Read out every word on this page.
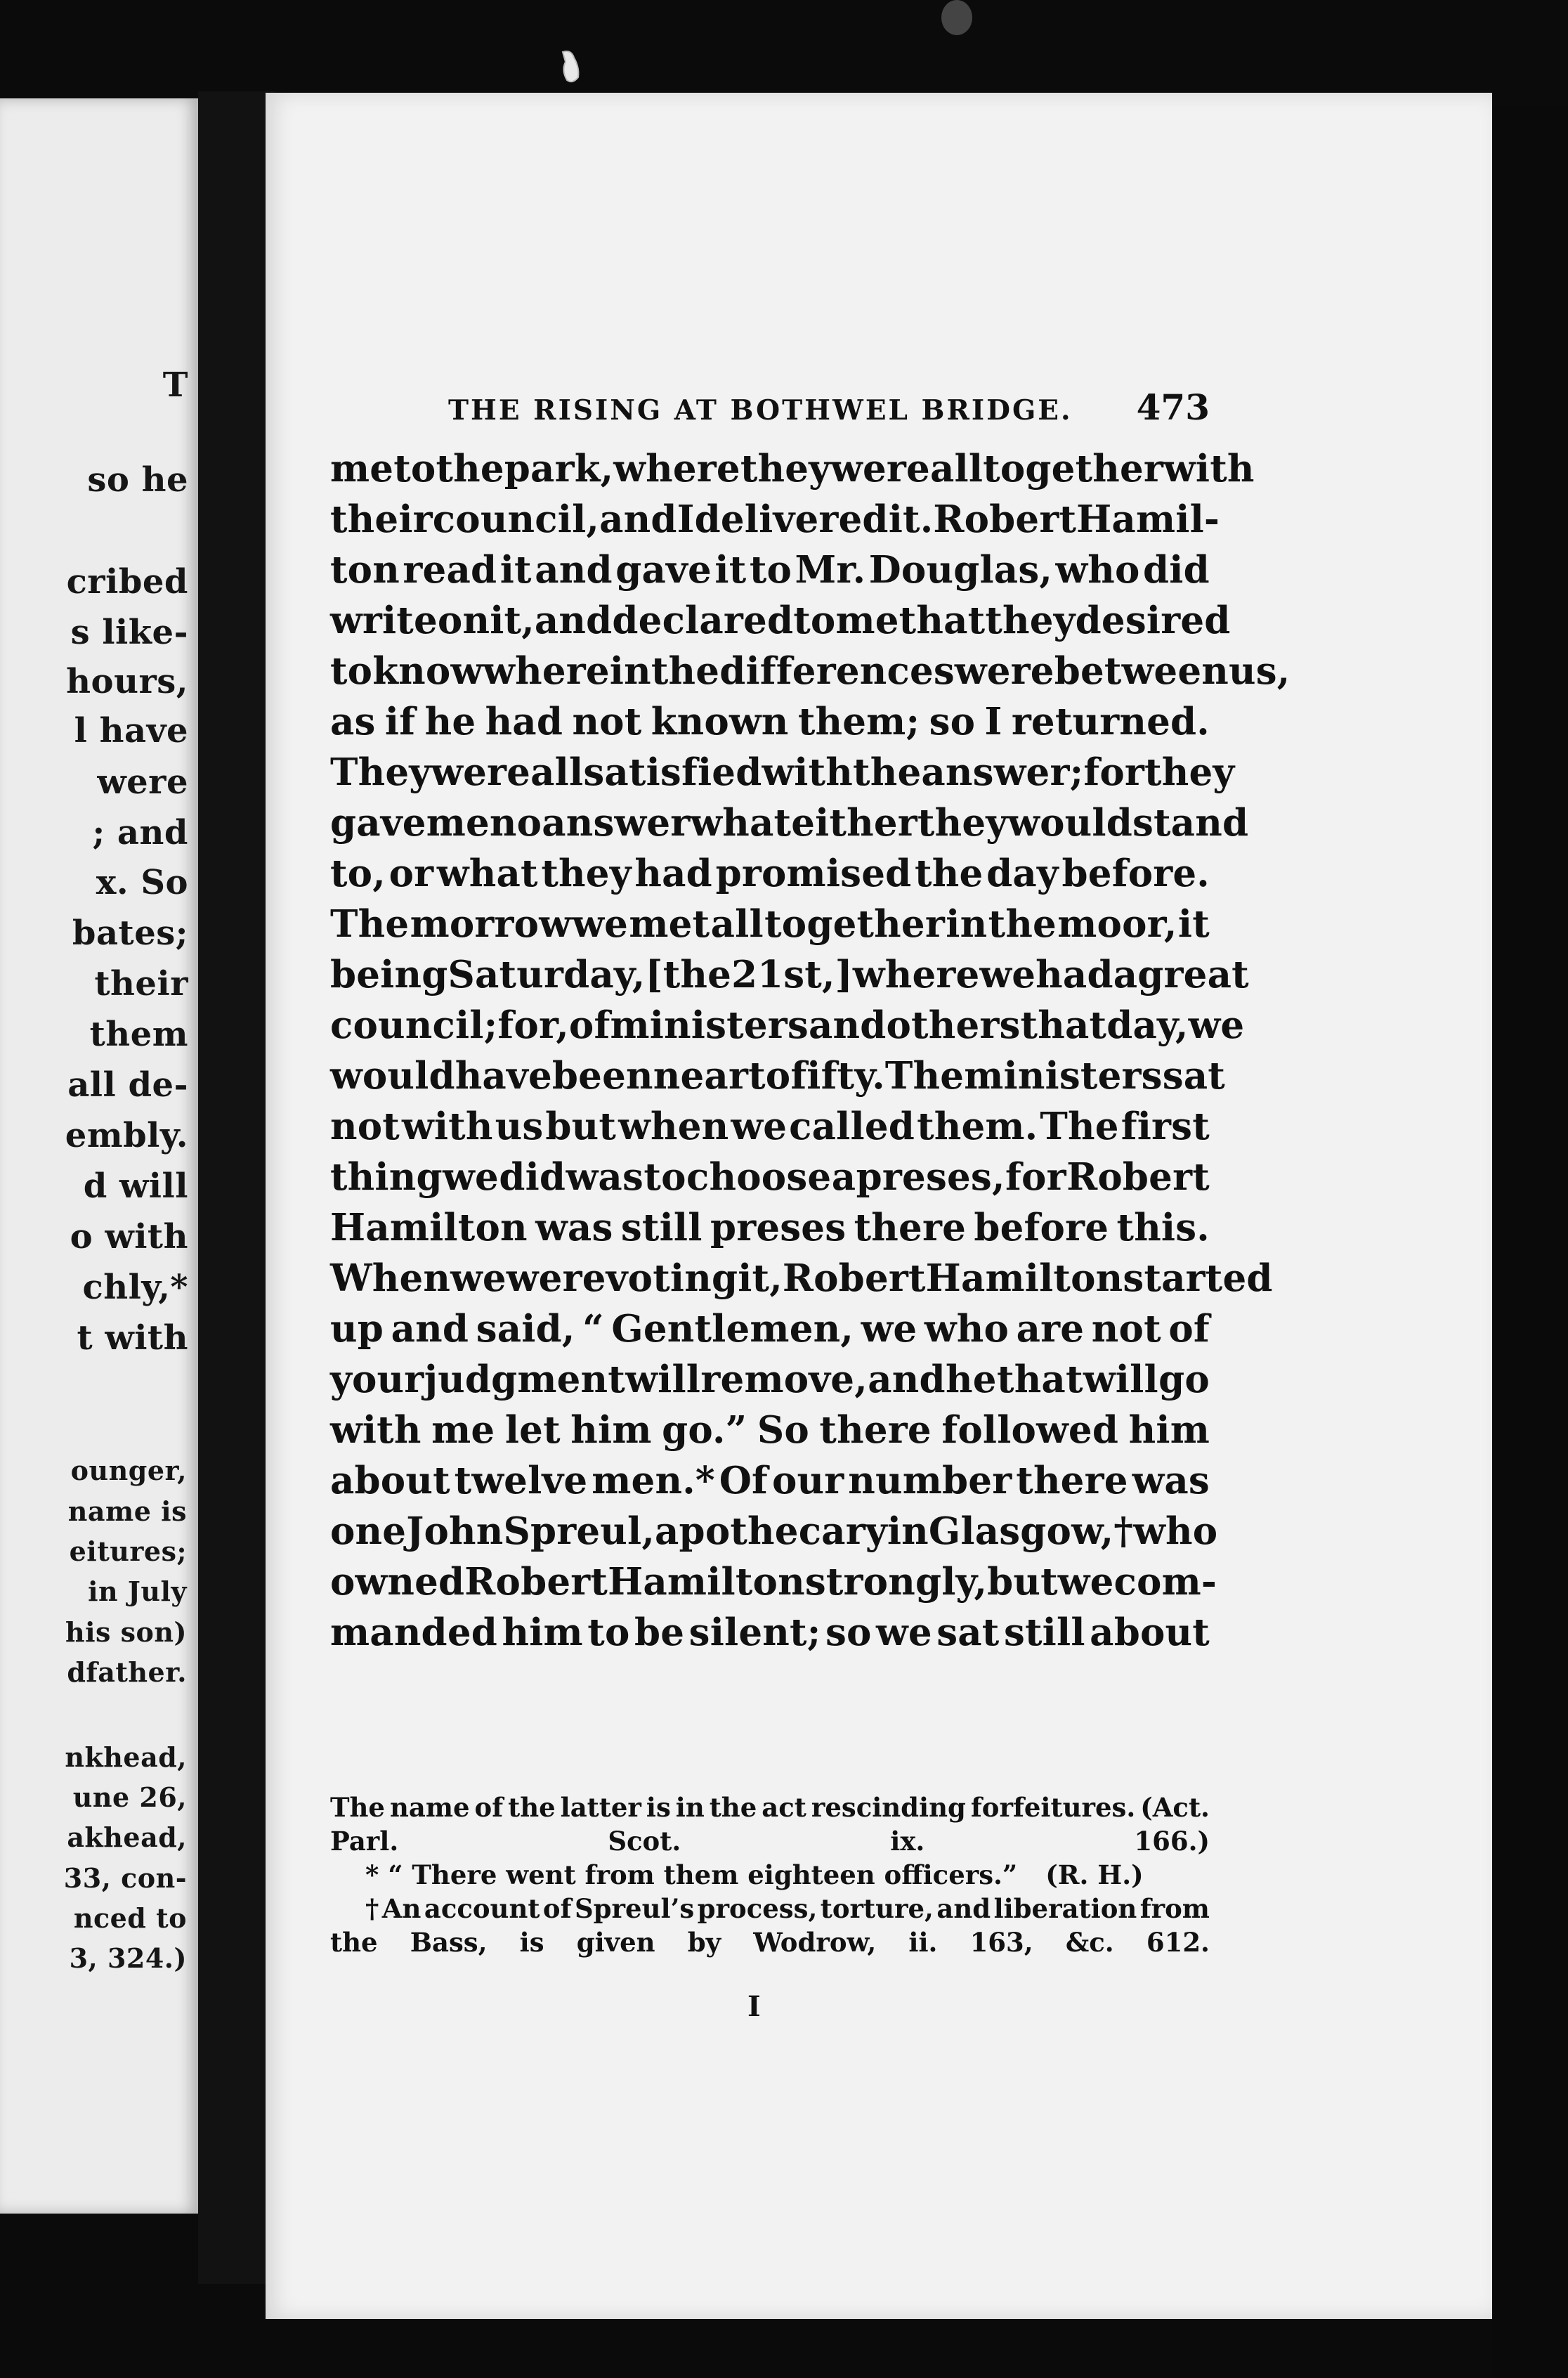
T
so he
cribed
s like-
hours,
l have
were
; and
x. So
bates;
their
them
all de-
embly.
d will
o with
chly,*
t with
ounger,
name is
eitures;
in July
his son)
dfather.
nkhead,
une 26,
akhead,
33, con-
nced to
3, 324.)
THE RISING AT BOTHWEL BRIDGE. 473
me to the park, where they were all together with
their council, and I delivered it. Robert Hamil-
ton read it and gave it to Mr. Douglas, who did
write on it, and declared to me that they desired
to know wherein the differences were between us,
as if he had not known them; so I returned.
They were all satisfied with the answer; for they
gave me no answer what either they would stand
to, or what they had promised the day before.
The morrow we met all together in the moor, it
being Saturday, [the 21st,] where we had a great
council; for, of ministers and others that day, we
would have been near to fifty. The ministers sat
not with us but when we called them. The first
thing we did was to choose a preses, for Robert
Hamilton was still preses there before this.
When we were voting it, Robert Hamilton started
up and said, “ Gentlemen, we who are not of
your judgment will remove, and he that will go
with me let him go.” So there followed him
about twelve men.* Of our number there was
one John Spreul, apothecary in Glasgow,† who
owned Robert Hamilton strongly, but we com-
manded him to be silent; so we sat still about
The name of the latter is in the act rescinding forfeitures. (Act.
Parl.	Scot.	ix.	166.)
* “ There went from them eighteen officers.” (R. H.)
† An account of Spreul’s process, torture, and liberation from
the Bass, is given by Wodrow, ii. 163, &c. 612.
I
